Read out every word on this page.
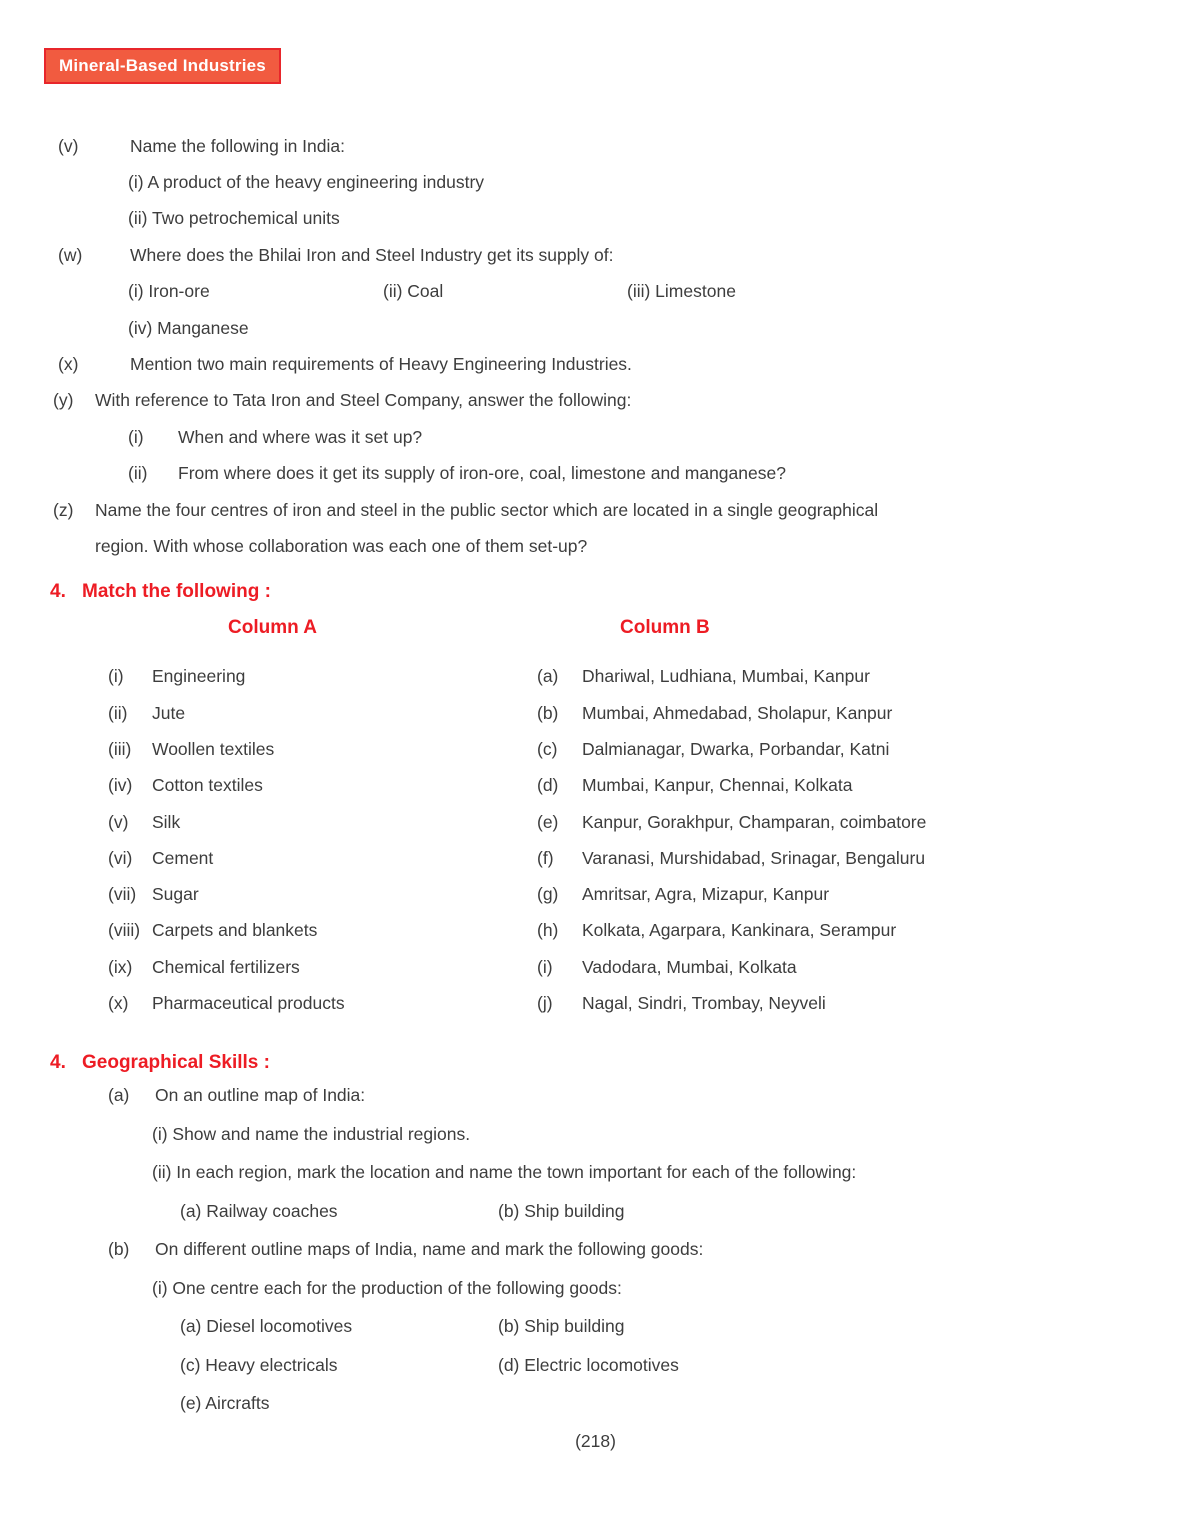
Mineral-Based Industries
(v)	Name the following in India:
(i) A product of the heavy engineering industry
(ii) Two petrochemical units
(w)	Where does the Bhilai Iron and Steel Industry get its supply of:
(i) Iron-ore	(ii) Coal	(iii) Limestone
(iv) Manganese
(x)	Mention two main requirements of Heavy Engineering Industries.
(y)	With reference to Tata Iron and Steel Company, answer the following:
(i)	When and where was it set up?
(ii)	From where does it get its supply of iron-ore, coal, limestone and manganese?
(z)	Name the four centres of iron and steel in the public sector which are located in a single geographical
region. With whose collaboration was each one of them set-up?
4. Match the following :
Column A	Column B
(i)	Engineering	(a)	Dhariwal, Ludhiana, Mumbai, Kanpur
(ii)	Jute	(b)	Mumbai, Ahmedabad, Sholapur, Kanpur
(iii)	Woollen textiles	(c)	Dalmianagar, Dwarka, Porbandar, Katni
(iv)	Cotton textiles	(d)	Mumbai, Kanpur, Chennai, Kolkata
(v)	Silk	(e)	Kanpur, Gorakhpur, Champaran, coimbatore
(vi)	Cement	(f)	Varanasi, Murshidabad, Srinagar, Bengaluru
(vii) Sugar	(g)	Amritsar, Agra, Mizapur, Kanpur
(viii) Carpets and blankets	(h)	Kolkata, Agarpara, Kankinara, Serampur
(ix)	Chemical fertilizers	(i)	Vadodara, Mumbai, Kolkata
(x)	Pharmaceutical products	(j)	Nagal, Sindri, Trombay, Neyveli
4. Geographical Skills :
(a)	On an outline map of India:
(i) Show and name the industrial regions.
(ii) In each region, mark the location and name the town important for each of the following:
(a) Railway coaches	(b) Ship building
(b)	On different outline maps of India, name and mark the following goods:
(i) One centre each for the production of the following goods:
(a) Diesel locomotives	(b) Ship building
(c) Heavy electricals	(d) Electric locomotives
(e) Aircrafts
(218)
